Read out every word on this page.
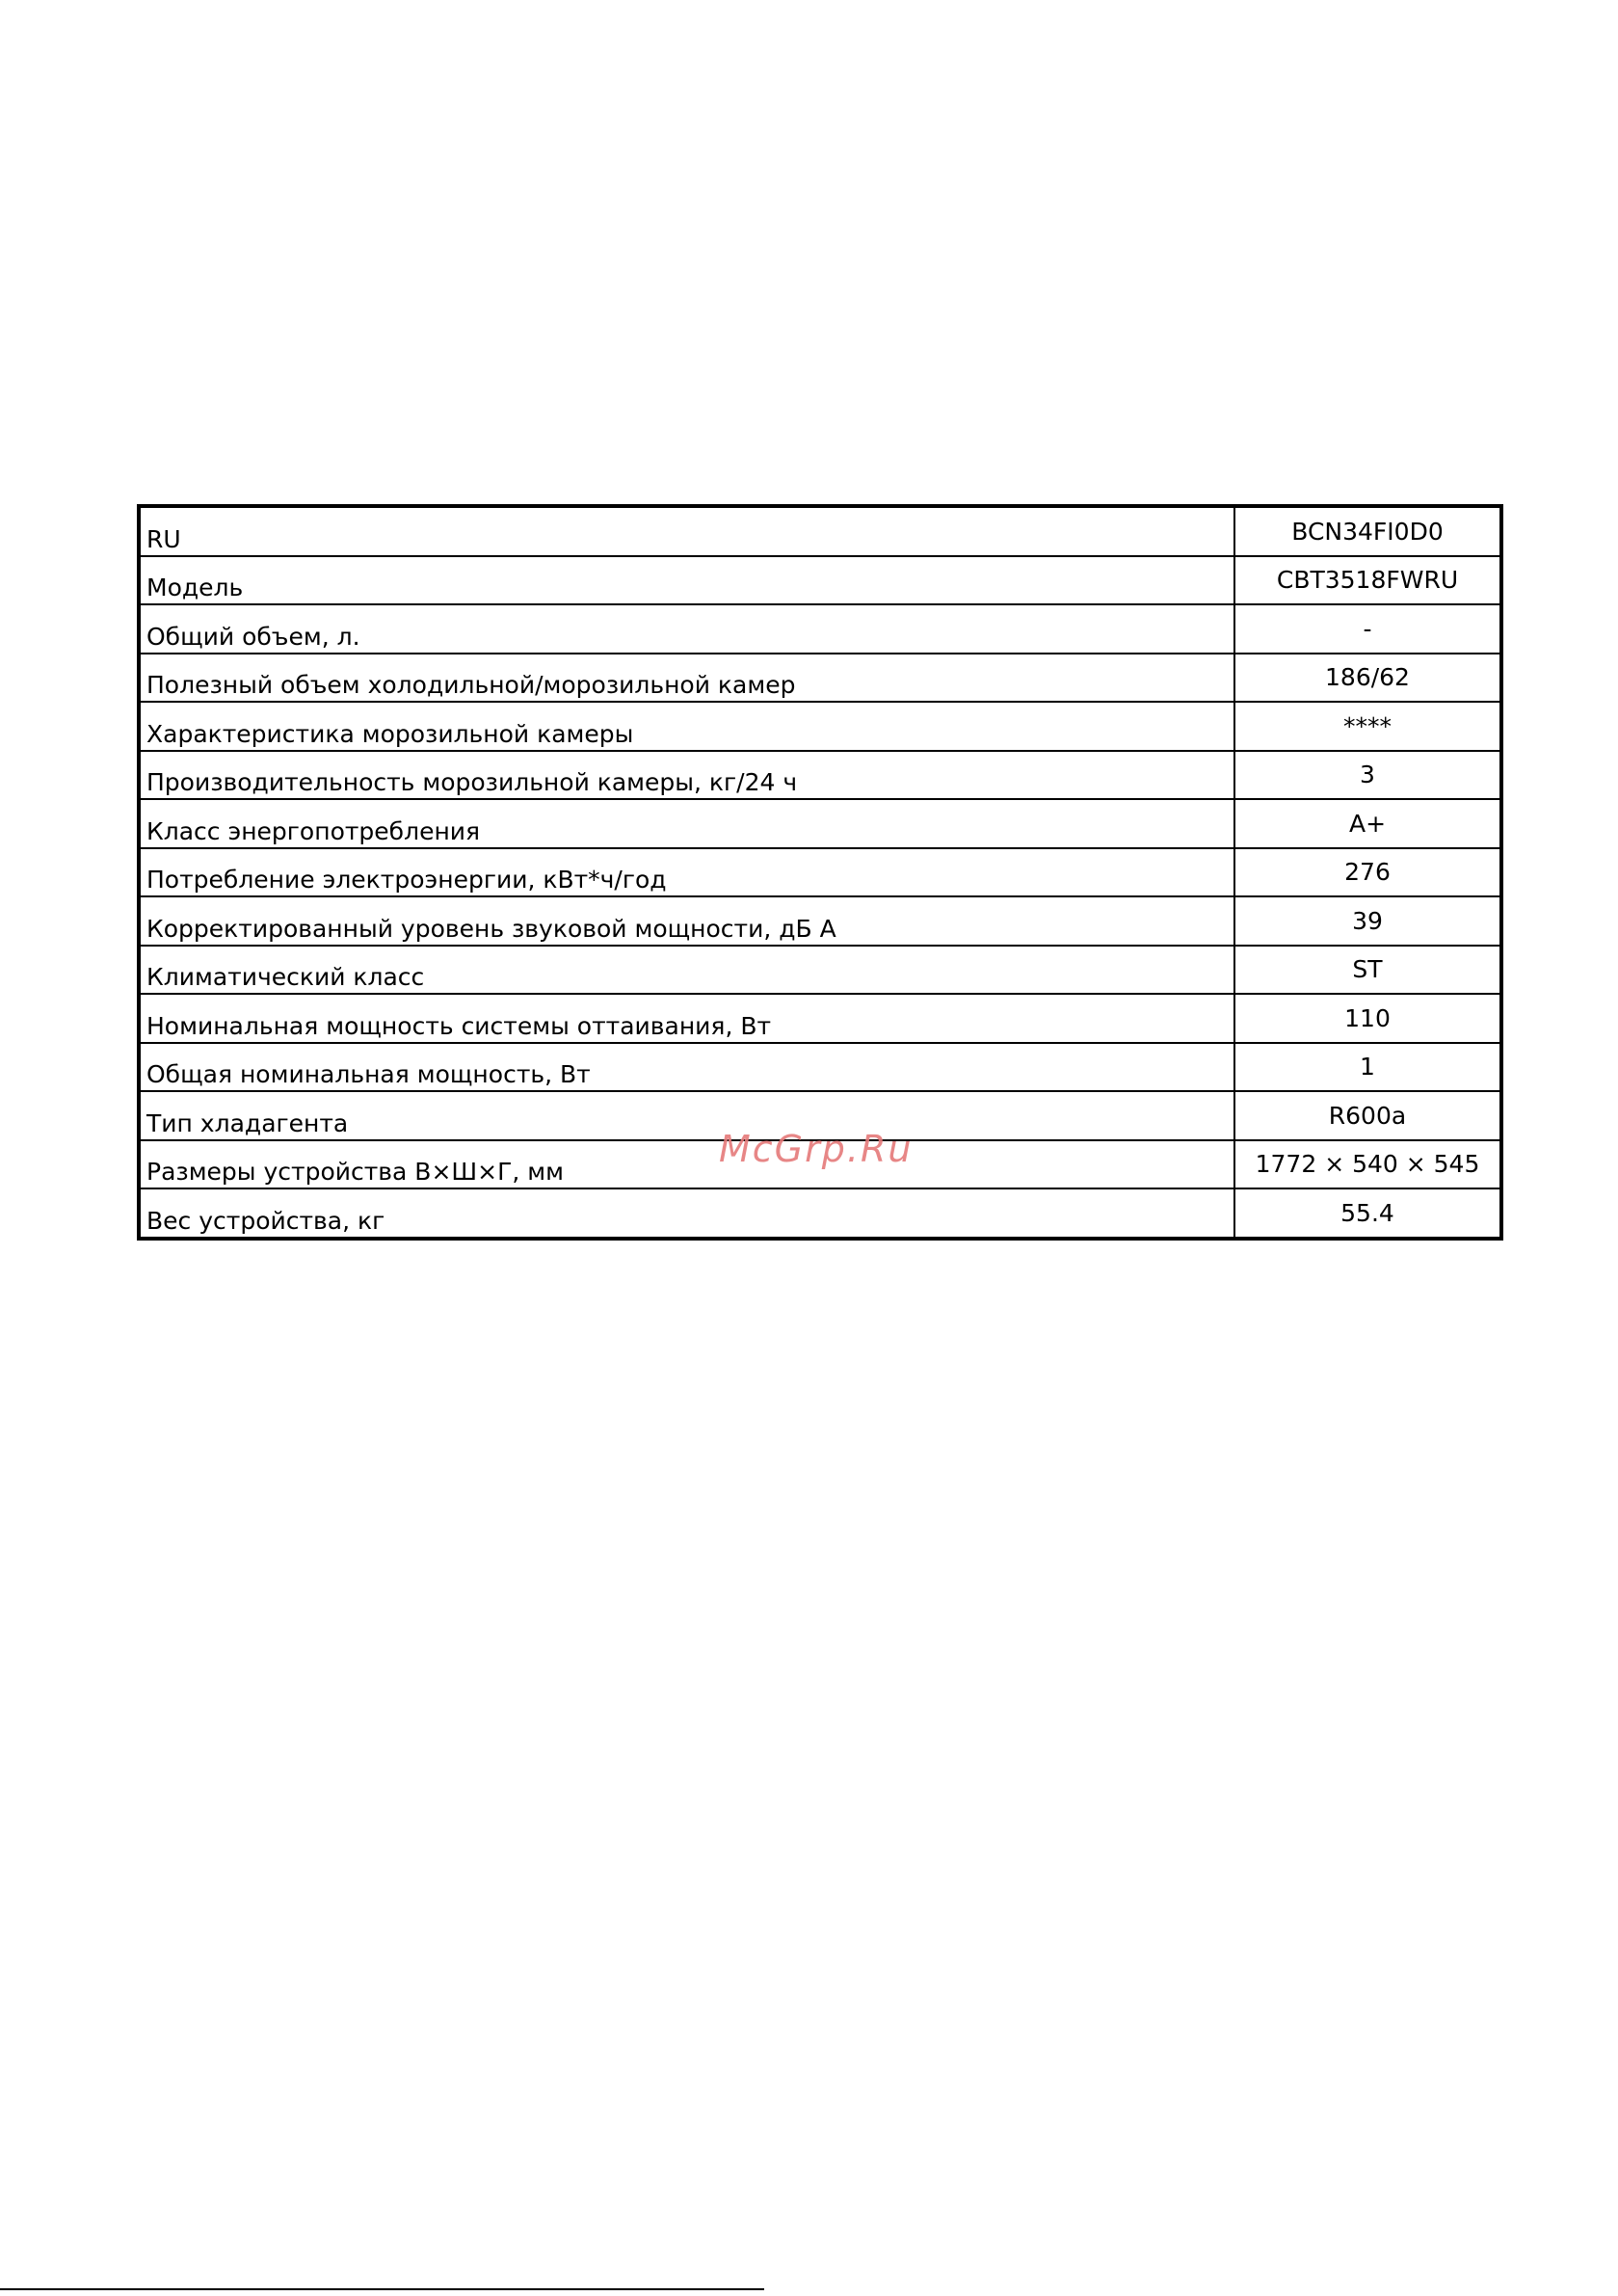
RU	BCN34FI0D0
Модель	CBT3518FWRU
Общий объем, л.	-
Полезный объем холодильной/морозильной камер	186/62
Характеристика морозильной камеры	****
Производительность морозильной камеры, кг/24 ч	3
Класс энергопотребления	A+
Потребление электроэнергии, кВт*ч/год	276
Корректированный уровень звуковой мощности, дБ А	39
Климатический класс	ST
Номинальная мощность системы оттаивания, Вт	110
Общая номинальная мощность, Вт	1
Тип хладагента	R600a
Размеры устройства В×Ш×Г, мм	1772 × 540 × 545
Вес устройства, кг	55.4
McGrp.Ru
